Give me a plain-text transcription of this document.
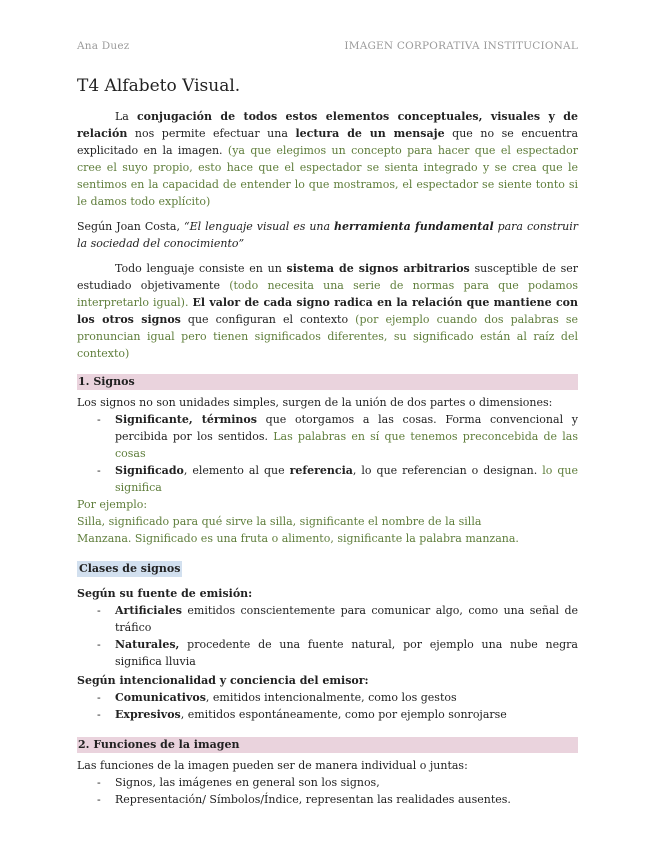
Ana Duez	IMAGEN CORPORATIVA INSTITUCIONAL
T4 Alfabeto Visual.

La conjugación de todos estos elementos conceptuales, visuales y de relación nos permite efectuar una lectura de un mensaje que no se encuentra explicitado en la imagen. (ya que elegimos un concepto para hacer que el espectador cree el suyo propio, esto hace que el espectador se sienta integrado y se crea que le sentimos en la capacidad de entender lo que mostramos, el espectador se siente tonto si le damos todo explícito)

Según Joan Costa, “El lenguaje visual es una herramienta fundamental para construir la sociedad del conocimiento”

Todo lenguaje consiste en un sistema de signos arbitrarios susceptible de ser estudiado objetivamente (todo necesita una serie de normas para que podamos interpretarlo igual). El valor de cada signo radica en la relación que mantiene con los otros signos que configuran el contexto (por ejemplo cuando dos palabras se pronuncian igual pero tienen significados diferentes, su significado están al raíz del contexto)

1. Signos
Los signos no son unidades simples, surgen de la unión de dos partes o dimensiones:
- Significante, términos que otorgamos a las cosas. Forma convencional y percibida por los sentidos. Las palabras en sí que tenemos preconcebida de las cosas
- Significado, elemento al que referencia, lo que referencian o designan. lo que significa
Por ejemplo:
Silla, significado para qué sirve la silla, significante el nombre de la silla
Manzana. Significado es una fruta o alimento, significante la palabra manzana.
Clases de signos
Según su fuente de emisión:
- Artificiales emitidos conscientemente para comunicar algo, como una señal de tráfico
- Naturales, procedente de una fuente natural, por ejemplo una nube negra significa lluvia
Según intencionalidad y conciencia del emisor:
- Comunicativos, emitidos intencionalmente, como los gestos
- Expresivos, emitidos espontáneamente, como por ejemplo sonrojarse
2. Funciones de la imagen
Las funciones de la imagen pueden ser de manera individual o juntas:
- Signos, las imágenes en general son los signos,
- Representación/ Símbolos/Índice, representan las realidades ausentes.
